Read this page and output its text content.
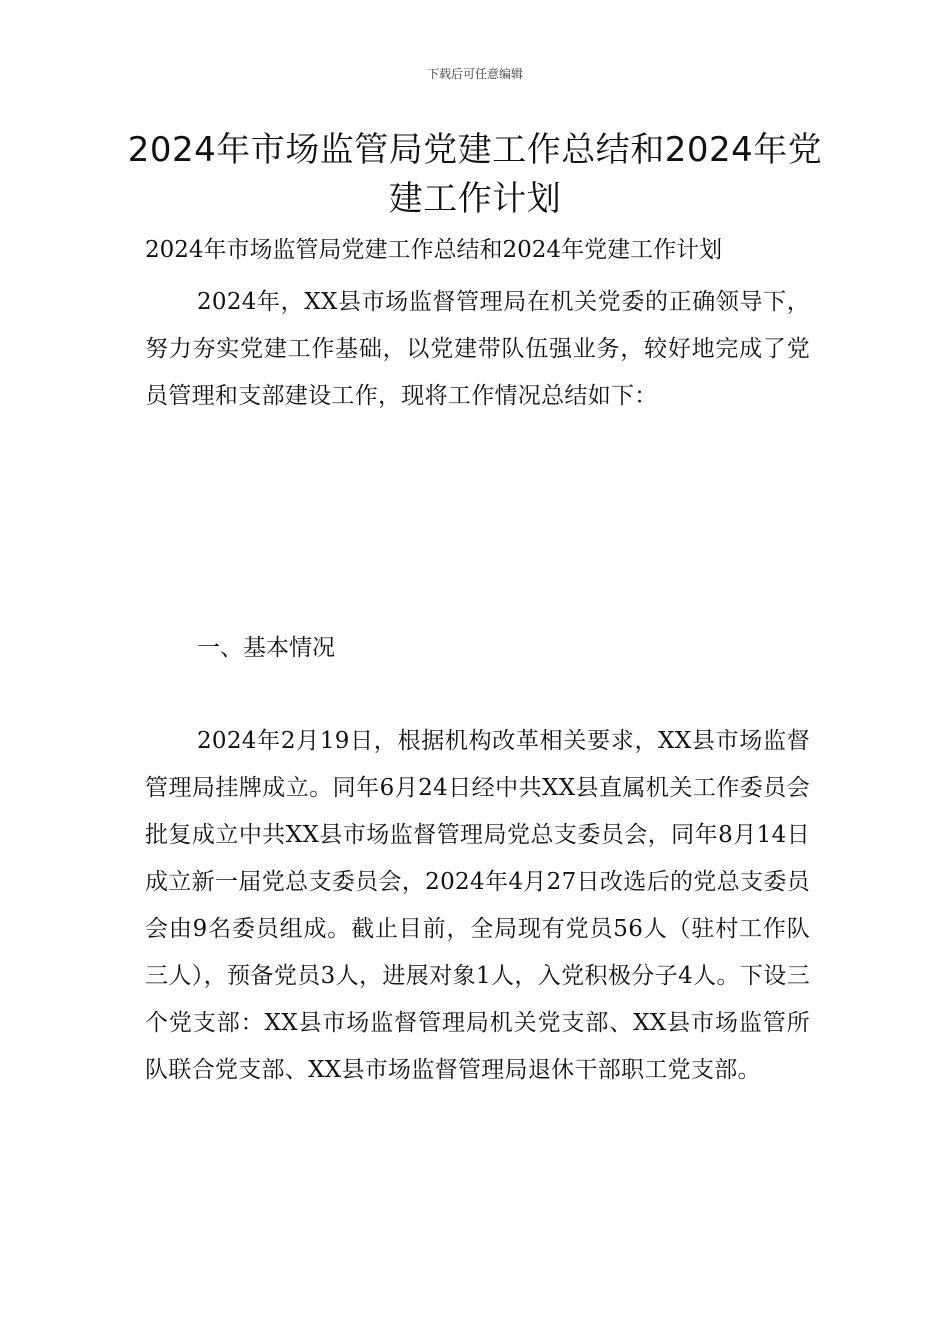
下载后可任意编辑
2024年市场监管局党建工作总结和2024年党建工作计划

2024年市场监管局党建工作总结和2024年党建工作计划

2024年，XX县市场监督管理局在机关党委的正确领导下，努力夯实党建工作基础，以党建带队伍强业务，较好地完成了党员管理和支部建设工作，现将工作情况总结如下：

一、基本情况

2024年2月19日，根据机构改革相关要求，XX县市场监督管理局挂牌成立。同年6月24日经中共XX县直属机关工作委员会批复成立中共XX县市场监督管理局党总支委员会，同年8月14日成立新一届党总支委员会，2024年4月27日改选后的党总支委员会由9名委员组成。截止目前，全局现有党员56人（驻村工作队三人），预备党员3人，进展对象1人，入党积极分子4人。下设三个党支部：XX县市场监督管理局机关党支部、XX县市场监管所队联合党支部、XX县市场监督管理局退休干部职工党支部。
